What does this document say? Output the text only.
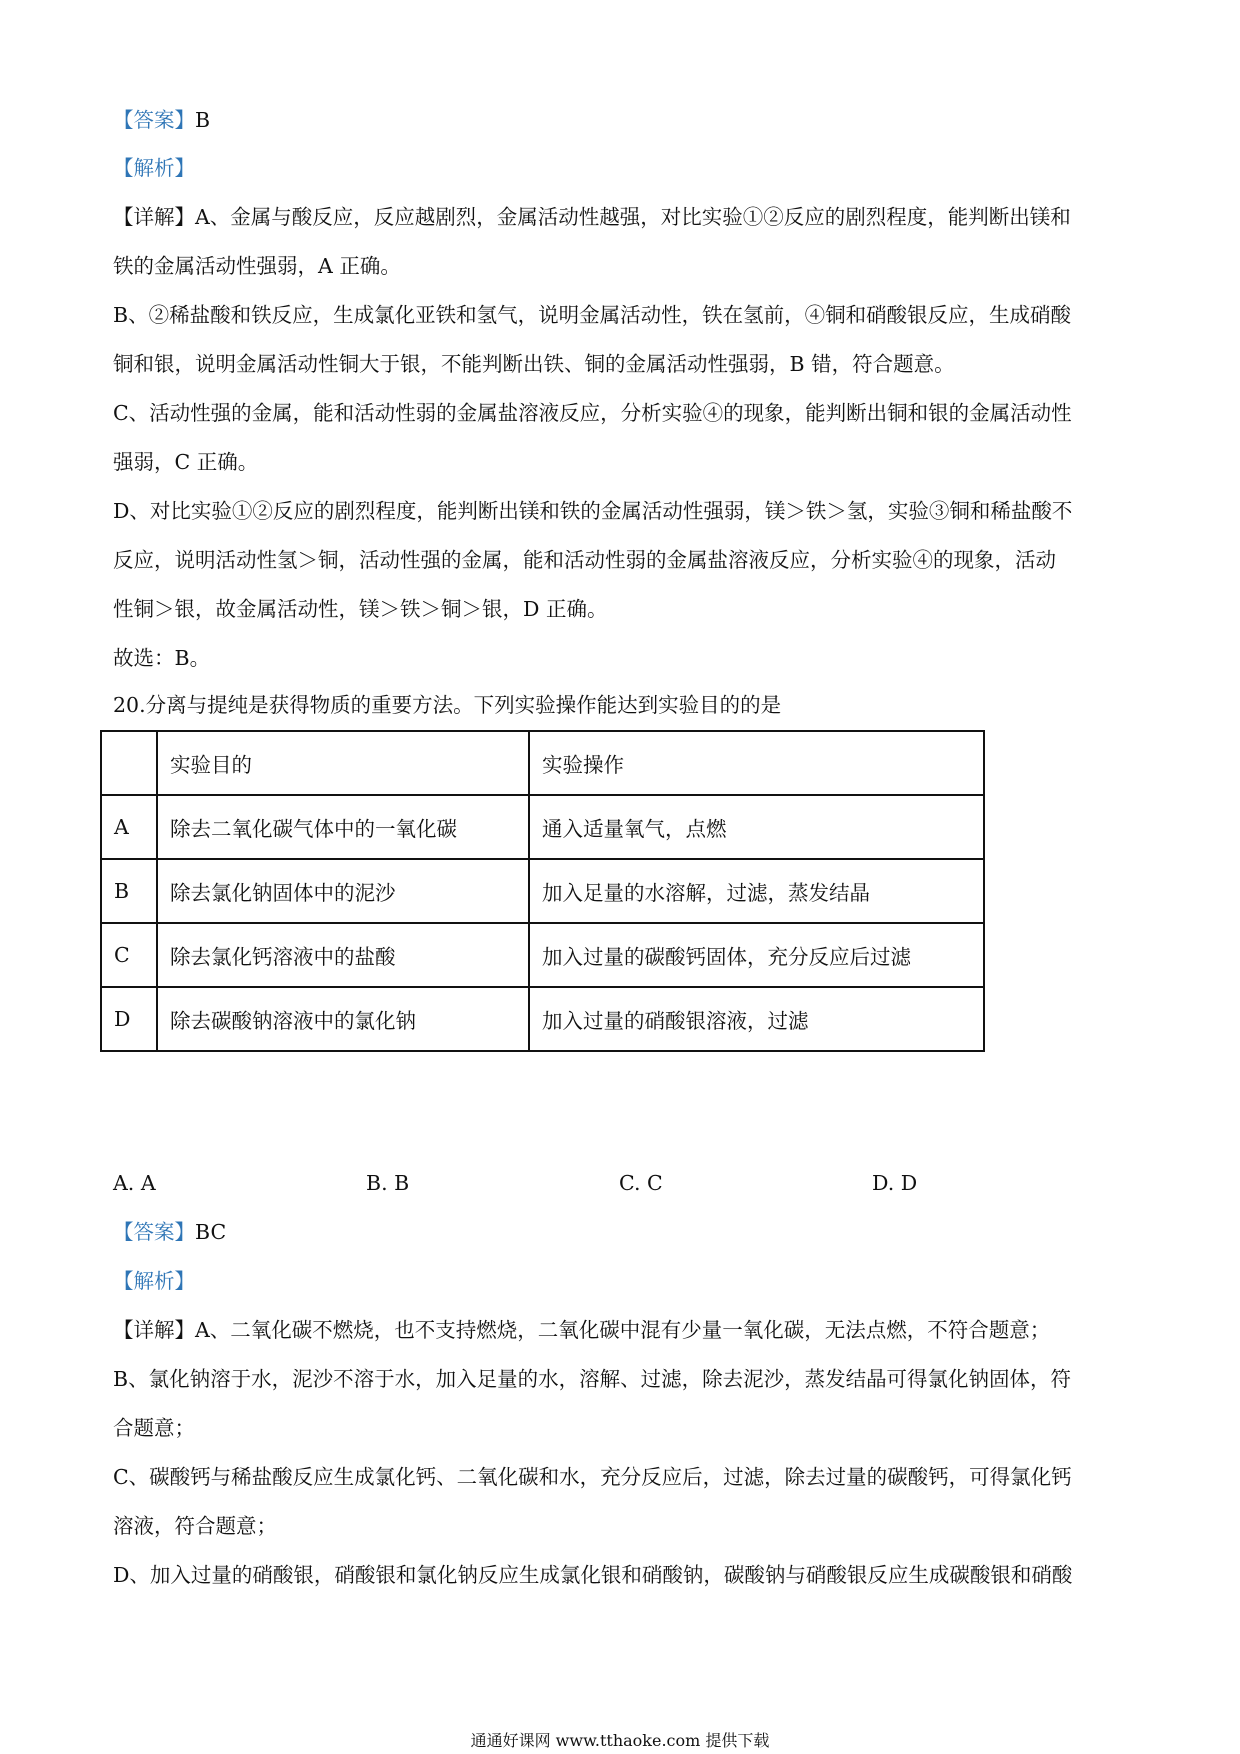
【答案】B
【解析】
【详解】A、金属与酸反应，反应越剧烈，金属活动性越强，对比实验①②反应的剧烈程度，能判断出镁和
铁的金属活动性强弱，A 正确。
B、②稀盐酸和铁反应，生成氯化亚铁和氢气，说明金属活动性，铁在氢前，④铜和硝酸银反应，生成硝酸
铜和银，说明金属活动性铜大于银，不能判断出铁、铜的金属活动性强弱，B 错，符合题意。
C、活动性强的金属，能和活动性弱的金属盐溶液反应，分析实验④的现象，能判断出铜和银的金属活动性
强弱，C 正确。
D、对比实验①②反应的剧烈程度，能判断出镁和铁的金属活动性强弱，镁＞铁＞氢，实验③铜和稀盐酸不
反应，说明活动性氢＞铜，活动性强的金属，能和活动性弱的金属盐溶液反应，分析实验④的现象，活动
性铜＞银，故金属活动性，镁＞铁＞铜＞银，D 正确。
故选：B。
20.分离与提纯是获得物质的重要方法。下列实验操作能达到实验目的的是
	实验目的	实验操作
A	除去二氧化碳气体中的一氧化碳	通入适量氧气，点燃
B	除去氯化钠固体中的泥沙	加入足量的水溶解，过滤，蒸发结晶
C	除去氯化钙溶液中的盐酸	加入过量的碳酸钙固体，充分反应后过滤
D	除去碳酸钠溶液中的氯化钠	加入过量的硝酸银溶液，过滤
A. A	B. B	C. C	D. D
【答案】BC
【解析】
【详解】A、二氧化碳不燃烧，也不支持燃烧，二氧化碳中混有少量一氧化碳，无法点燃，不符合题意；
B、氯化钠溶于水，泥沙不溶于水，加入足量的水，溶解、过滤，除去泥沙，蒸发结晶可得氯化钠固体，符
合题意；
C、碳酸钙与稀盐酸反应生成氯化钙、二氧化碳和水，充分反应后，过滤，除去过量的碳酸钙，可得氯化钙
溶液，符合题意；
D、加入过量的硝酸银，硝酸银和氯化钠反应生成氯化银和硝酸钠，碳酸钠与硝酸银反应生成碳酸银和硝酸
通通好课网 www.tthaoke.com 提供下载
